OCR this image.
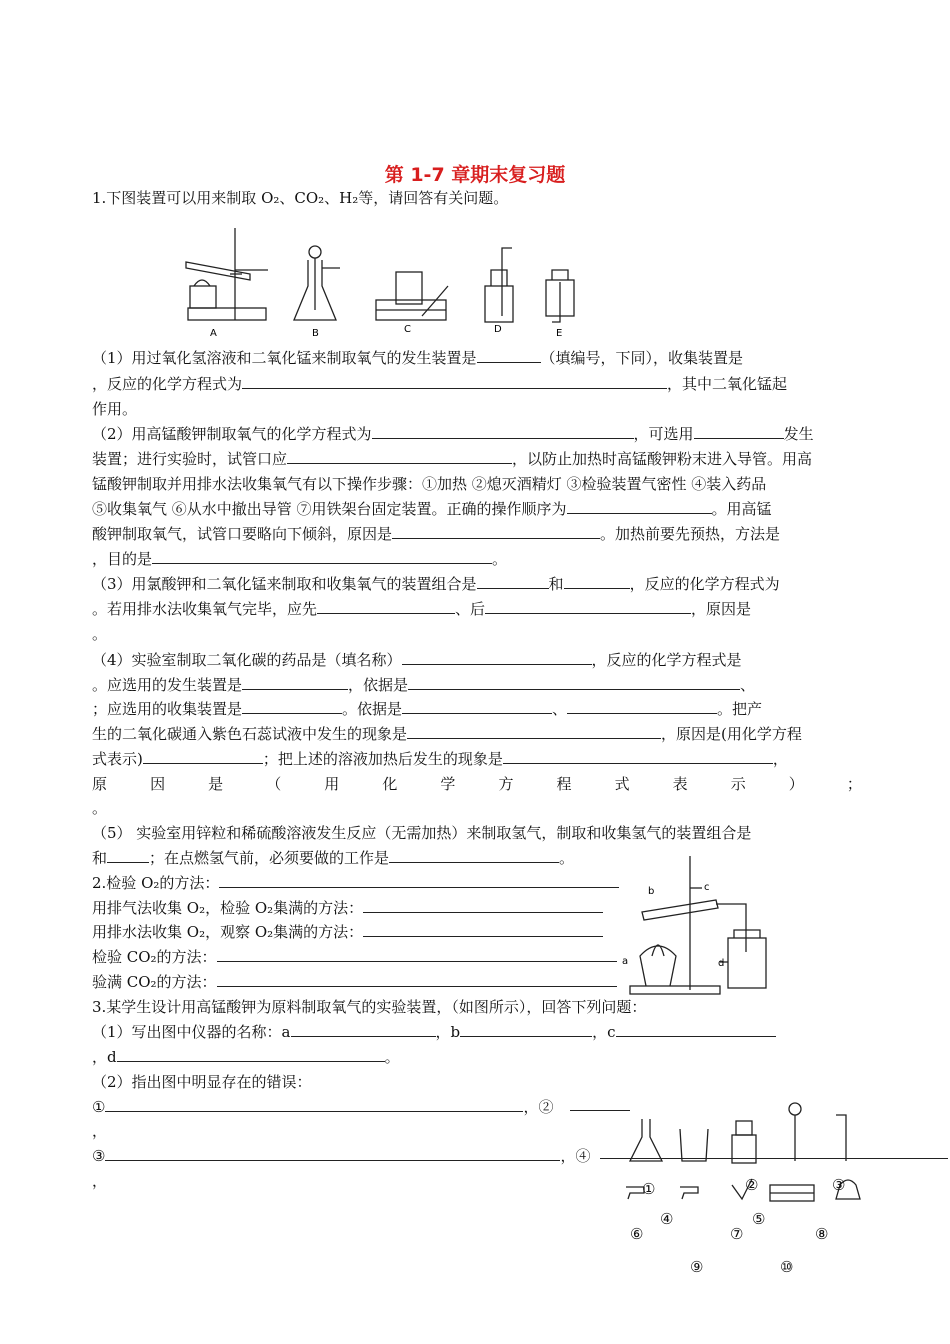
第 1-7 章期末复习题
1.下图装置可以用来制取 O₂、CO₂、H₂等，请回答有关问题。
A	B	C	D	E
（1）用过氧化氢溶液和二氧化锰来制取氧气的发生装置是	（填编号，下同），收集装置是
，反应的化学方程式为	，其中二氧化锰起
作用。
（2）用高锰酸钾制取氧气的化学方程式为	，可选用	发生
装置；进行实验时，试管口应	，以防止加热时高锰酸钾粉末进入导管。用高
锰酸钾制取并用排水法收集氧气有以下操作步骤：①加热 ②熄灭酒精灯 ③检验装置气密性 ④装入药品
⑤收集氧气 ⑥从水中撤出导管 ⑦用铁架台固定装置。正确的操作顺序为	。用高锰
酸钾制取氧气，试管口要略向下倾斜，原因是	。加热前要先预热，方法是
，目的是	。
（3）用氯酸钾和二氧化锰来制取和收集氧气的装置组合是	和	，反应的化学方程式为
。若用排水法收集氧气完毕，应先	、后	，原因是
。
（4）实验室制取二氧化碳的药品是（填名称）	，反应的化学方程式是
。应选用的发生装置是	，依据是	、
；应选用的收集装置是	。依据是	、	。把产
生的二氧化碳通入紫色石蕊试液中发生的现象是	，原因是(用化学方程
式表示)	；把上述的溶液加热后发生的现象是	，
原	因	是	（	用	化	学	方	程	式	表	示	）	；
。
（5） 实验室用锌粒和稀硫酸溶液发生反应（无需加热）来制取氢气，制取和收集氢气的装置组合是
和	；在点燃氢气前，必须要做的工作是	。
2.检验 O₂的方法：
用排气法收集 O₂，检验 O₂集满的方法：
用排水法收集 O₂，观察 O₂集满的方法：
检验 CO₂的方法：
验满 CO₂的方法：
a
b	c
d
3.某学生设计用高锰酸钾为原料制取氧气的实验装置，（如图所示），回答下列问题：
（1）写出图中仪器的名称：a	，b	，c
，d	。
（2）指出图中明显存在的错误：
①	，②
，
③	，④
，	①	②	③
④	⑤
⑥	⑦	⑧
⑨	⑩
